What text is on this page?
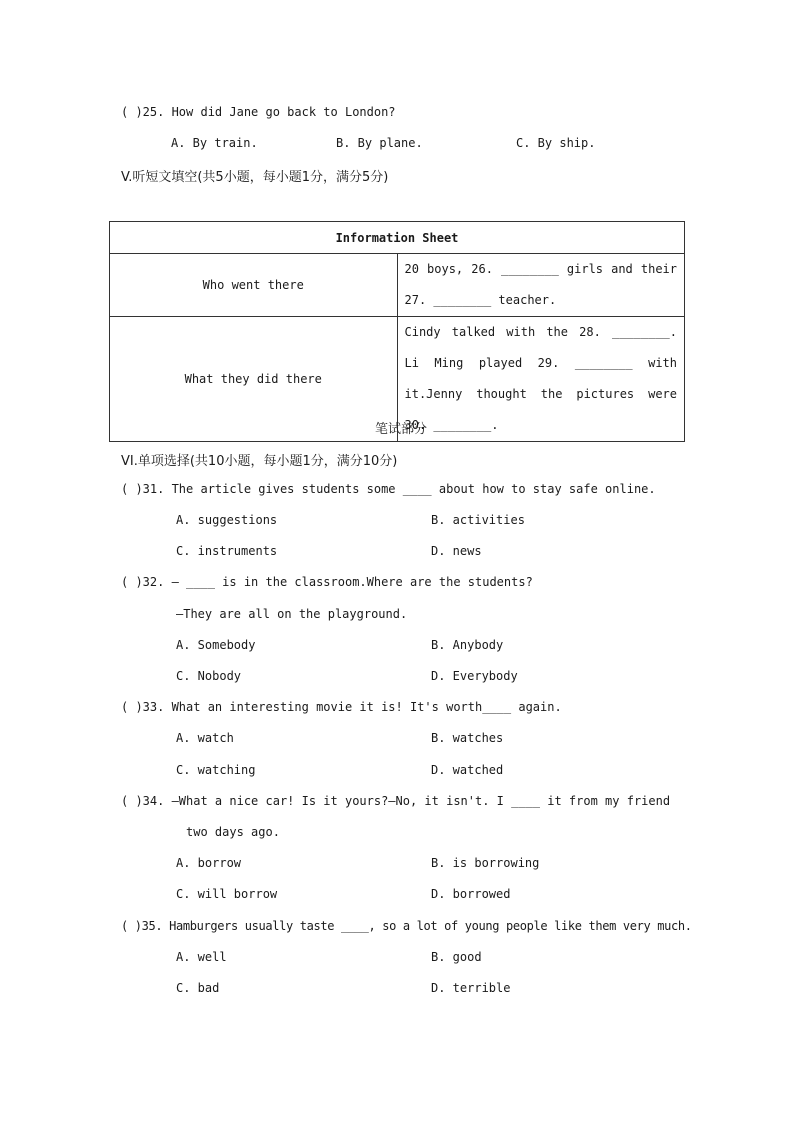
( )25. How did Jane go back to London?
A. By train.	B. By plane.	C. By ship.
V.听短文填空(共5小题，每小题1分，满分5分)
Information Sheet	
Who went there	20 boys, 26. ________ girls and their 27. ________ teacher.

What they did there	Cindy talked with the 28. ________. Li Ming played 29. ________ with it.Jenny thought the pictures were 30. ________.
笔试部分
VI.单项选择(共10小题，每小题1分，满分10分)
( )31. The article gives students some ____ about how to stay safe online.
A. suggestions	B. activities
C. instruments	D. news
( )32. — ____ is in the classroom.Where are the students?
—They are all on the playground.
A. Somebody	B. Anybody
C. Nobody	D. Everybody
( )33. What an interesting movie it is! It's worth____ again.
A. watch	B. watches
C. watching	D. watched
( )34. —What a nice car! Is it yours?—No, it isn't. I ____ it from my friend
two days ago.
A. borrow	B. is borrowing
C. will borrow	D. borrowed
( )35. Hamburgers usually taste ____, so a lot of young people like them very much.
A. well	B. good
C. bad	D. terrible
